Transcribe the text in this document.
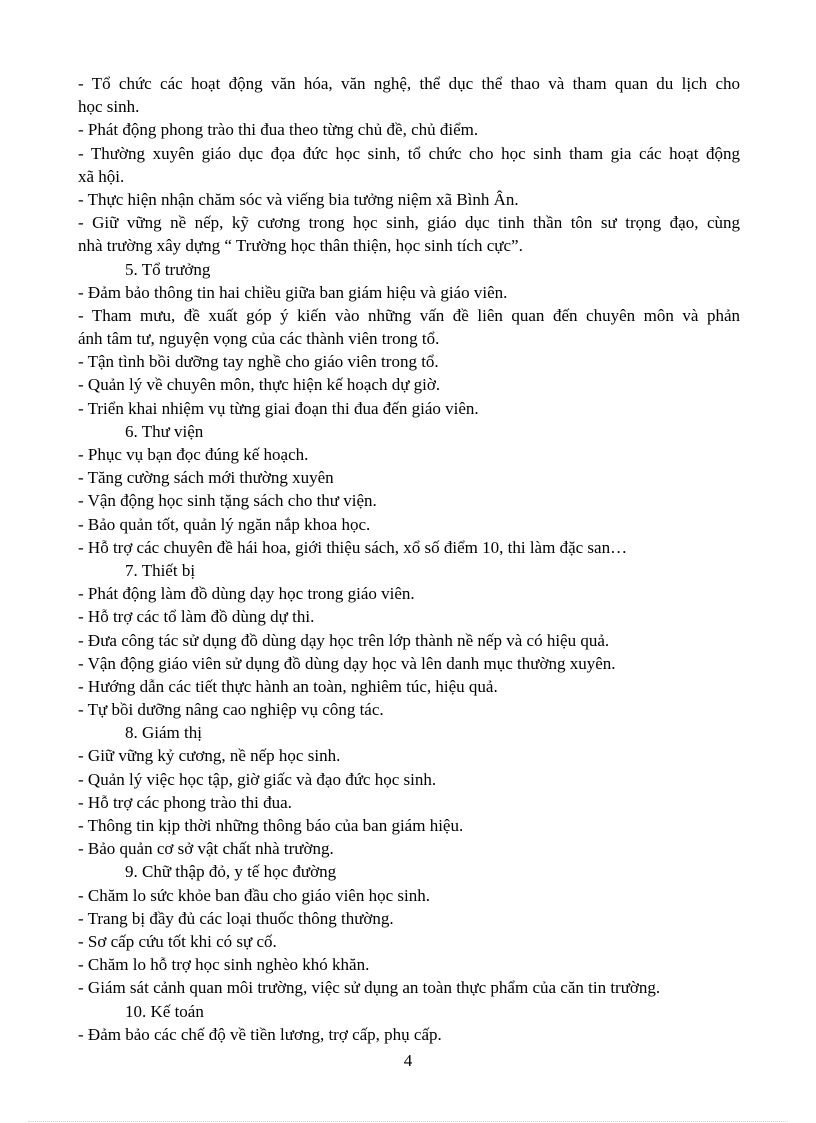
- Tổ chức các hoạt động văn hóa, văn nghệ, thể dục thể thao và tham quan du lịch cho
học sinh.
- Phát động phong trào thi đua theo từng chủ đề, chủ điểm.
- Thường xuyên giáo dục đọa đức học sinh, tổ chức cho học sinh tham gia các hoạt động
xã hội.
- Thực hiện nhận chăm sóc và viếng bia tưởng niệm xã Bình Ân.
- Giữ vững nề nếp, kỹ cương trong học sinh, giáo dục tinh thần tôn sư trọng đạo, cùng
nhà trường xây dựng “ Trường học thân thiện, học sinh tích cực”.
5. Tổ trưởng
- Đảm bảo thông tin hai chiều giữa ban giám hiệu và giáo viên.
- Tham mưu, đề xuất góp ý kiến vào những vấn đề liên quan đến chuyên môn và phản
ánh tâm tư, nguyện vọng của các thành viên trong tổ.
- Tận tình bồi dưỡng tay nghề cho giáo viên trong tổ.
- Quản lý về chuyên môn, thực hiện kế hoạch dự giờ.
- Triển khai nhiệm vụ từng giai đoạn thi đua đến giáo viên.
6. Thư viện
- Phục vụ bạn đọc đúng kế hoạch.
- Tăng cường sách mới thường xuyên
- Vận động học sinh tặng sách cho thư viện.
- Bảo quản tốt, quản lý ngăn nắp khoa học.
- Hỗ trợ các chuyên đề hái hoa, giới thiệu sách, xổ số điểm 10, thi làm đặc san…
7. Thiết bị
- Phát động làm đồ dùng dạy học trong giáo viên.
- Hỗ trợ các tổ làm đồ dùng dự thi.
- Đưa công tác sử dụng đồ dùng dạy học trên lớp thành nề nếp và có hiệu quả.
- Vận động giáo viên sử dụng đồ dùng dạy học và lên danh mục thường xuyên.
- Hướng dẫn các tiết thực hành an toàn, nghiêm túc, hiệu quả.
- Tự bồi dưỡng nâng cao nghiệp vụ công tác.
8. Giám thị
- Giữ vững kỷ cương, nề nếp học sinh.
- Quản lý việc học tập, giờ giấc và đạo đức học sinh.
- Hỗ trợ các phong trào thi đua.
- Thông tin kịp thời những thông báo của ban giám hiệu.
- Bảo quản cơ sở vật chất nhà trường.
9. Chữ thập đỏ, y tế học đường
- Chăm lo sức khỏe ban đầu cho giáo viên học sinh.
- Trang bị đầy đủ các loại thuốc thông thường.
- Sơ cấp cứu tốt khi có sự cố.
- Chăm lo hỗ trợ học sinh nghèo khó khăn.
- Giám sát cảnh quan môi trường, việc sử dụng an toàn thực phẩm của căn tin trường.
10. Kế toán
- Đảm bảo các chế độ về tiền lương, trợ cấp, phụ cấp.
4
